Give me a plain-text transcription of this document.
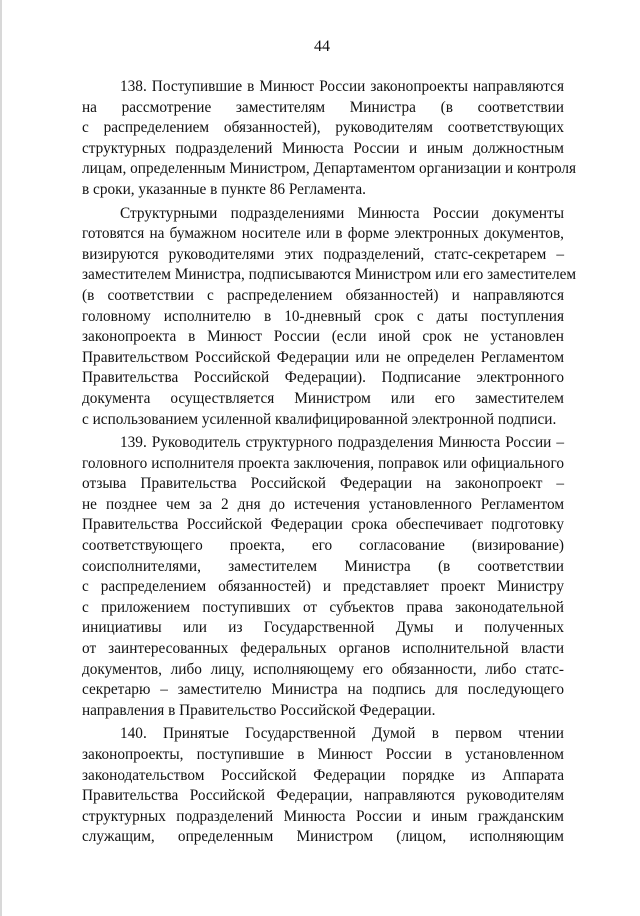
44
138. Поступившие в Минюст России законопроекты направляются
на рассмотрение заместителям Министра (в соответствии
с распределением обязанностей), руководителям соответствующих
структурных подразделений Минюста России и иным должностным
лицам, определенным Министром, Департаментом организации и контроля
в сроки, указанные в пункте 86 Регламента.
Структурными подразделениями Минюста России документы
готовятся на бумажном носителе или в форме электронных документов,
визируются руководителями этих подразделений, статс-секретарем –
заместителем Министра, подписываются Министром или его заместителем
(в соответствии с распределением обязанностей) и направляются
головному исполнителю в 10-дневный срок с даты поступления
законопроекта в Минюст России (если иной срок не установлен
Правительством Российской Федерации или не определен Регламентом
Правительства Российской Федерации). Подписание электронного
документа осуществляется Министром или его заместителем
с использованием усиленной квалифицированной электронной подписи.
139. Руководитель структурного подразделения Минюста России –
головного исполнителя проекта заключения, поправок или официального
отзыва Правительства Российской Федерации на законопроект –
не позднее чем за 2 дня до истечения установленного Регламентом
Правительства Российской Федерации срока обеспечивает подготовку
соответствующего проекта, его согласование (визирование)
соисполнителями, заместителем Министра (в соответствии
с распределением обязанностей) и представляет проект Министру
с приложением поступивших от субъектов права законодательной
инициативы или из Государственной Думы и полученных
от заинтересованных федеральных органов исполнительной власти
документов, либо лицу, исполняющему его обязанности, либо статс-
секретарю – заместителю Министра на подпись для последующего
направления в Правительство Российской Федерации.
140. Принятые Государственной Думой в первом чтении
законопроекты, поступившие в Минюст России в установленном
законодательством Российской Федерации порядке из Аппарата
Правительства Российской Федерации, направляются руководителям
структурных подразделений Минюста России и иным гражданским
служащим, определенным Министром (лицом, исполняющим
